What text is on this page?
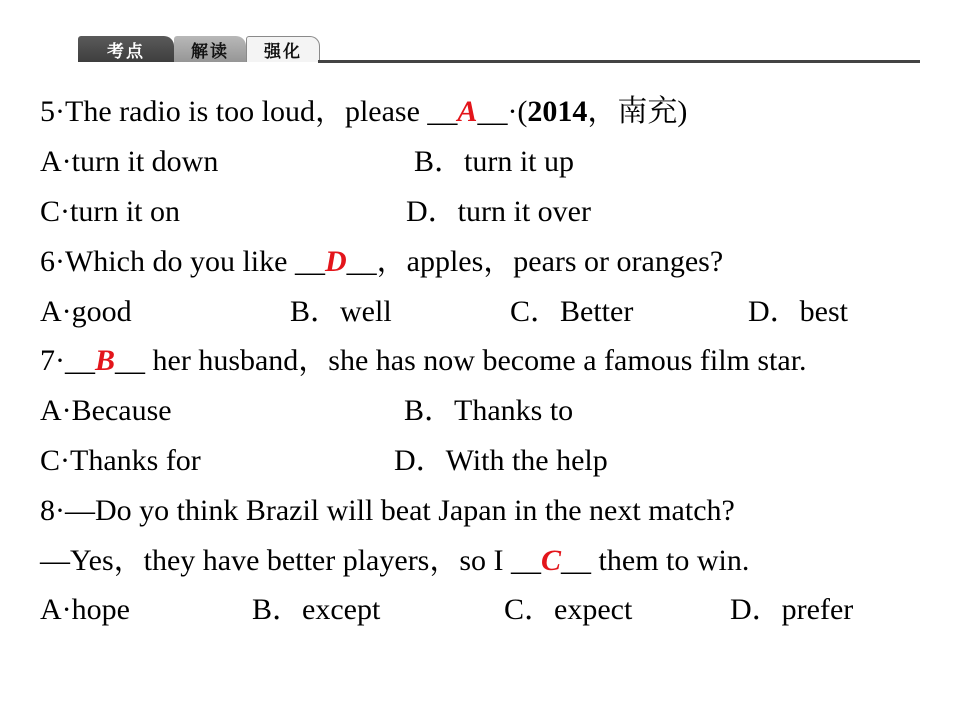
考点	解读	强化
5·The radio is too loud，please __A__·(2014，南充)
A·turn it down	B．turn it up
C·turn it on	D．turn it over
6·Which do you like __D__，apples，pears or oranges?
A·good	B．well	C．Better	D．best
7·__B__ her husband，she has now become a famous film star.
A·Because	B．Thanks to
C·Thanks for	D．With the help
8·—Do yo think Brazil will beat Japan in the next match?
—Yes，they have better players，so I __C__ them to win.
A·hope	B．except	C．expect	D．prefer
